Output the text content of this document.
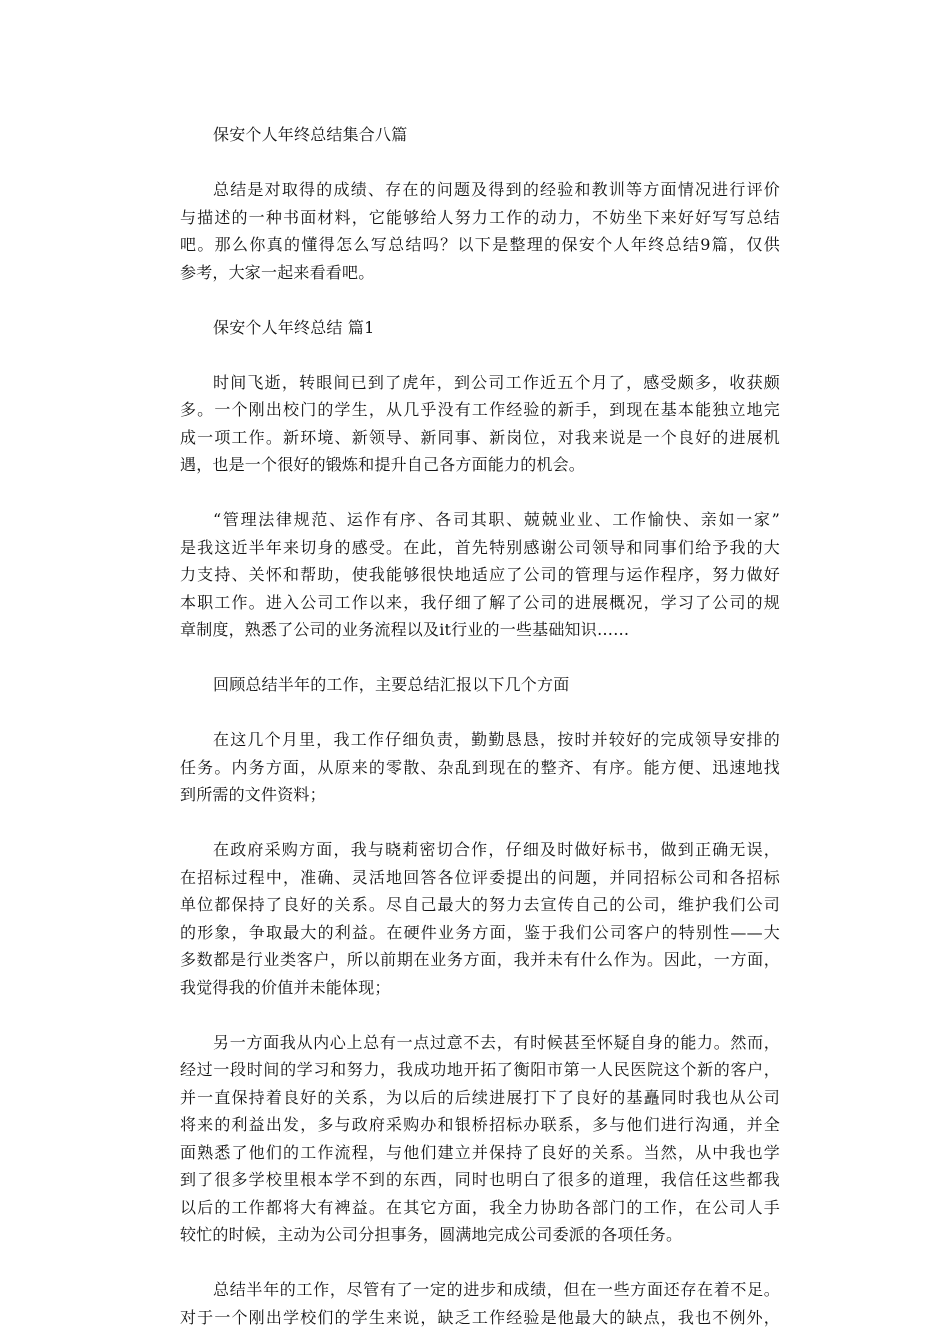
保安个人年终总结集合八篇
总结是对取得的成绩、存在的问题及得到的经验和教训等方面情况进行评价
与描述的一种书面材料，它能够给人努力工作的动力，不妨坐下来好好写写总结
吧。那么你真的懂得怎么写总结吗？以下是整理的保安个人年终总结9篇，仅供
参考，大家一起来看看吧。
保安个人年终总结 篇1
时间飞逝，转眼间已到了虎年，到公司工作近五个月了，感受颇多，收获颇
多。一个刚出校门的学生，从几乎没有工作经验的新手，到现在基本能独立地完
成一项工作。新环境、新领导、新同事、新岗位，对我来说是一个良好的进展机
遇，也是一个很好的锻炼和提升自己各方面能力的机会。
“管理法律规范、运作有序、各司其职、兢兢业业、工作愉快、亲如一家”
是我这近半年来切身的感受。在此，首先特别感谢公司领导和同事们给予我的大
力支持、关怀和帮助，使我能够很快地适应了公司的管理与运作程序，努力做好
本职工作。进入公司工作以来，我仔细了解了公司的进展概况，学习了公司的规
章制度，熟悉了公司的业务流程以及it行业的一些基础知识……
回顾总结半年的工作，主要总结汇报以下几个方面
在这几个月里，我工作仔细负责，勤勤恳恳，按时并较好的完成领导安排的
任务。内务方面，从原来的零散、杂乱到现在的整齐、有序。能方便、迅速地找
到所需的文件资料；
在政府采购方面，我与晓莉密切合作，仔细及时做好标书，做到正确无误，
在招标过程中，准确、灵活地回答各位评委提出的问题，并同招标公司和各招标
单位都保持了良好的关系。尽自己最大的努力去宣传自己的公司，维护我们公司
的形象，争取最大的利益。在硬件业务方面，鉴于我们公司客户的特别性——大
多数都是行业类客户，所以前期在业务方面，我并未有什么作为。因此，一方面，
我觉得我的价值并未能体现；
另一方面我从内心上总有一点过意不去，有时候甚至怀疑自身的能力。然而，
经过一段时间的学习和努力，我成功地开拓了衡阳市第一人民医院这个新的客户，
并一直保持着良好的关系，为以后的后续进展打下了良好的基矗同时我也从公司
将来的利益出发，多与政府采购办和银桥招标办联系，多与他们进行沟通，并全
面熟悉了他们的工作流程，与他们建立并保持了良好的关系。当然，从中我也学
到了很多学校里根本学不到的东西，同时也明白了很多的道理，我信任这些都我
以后的工作都将大有裨益。在其它方面，我全力协助各部门的工作，在公司人手
较忙的时候，主动为公司分担事务，圆满地完成公司委派的各项任务。
总结半年的工作，尽管有了一定的进步和成绩，但在一些方面还存在着不足。
对于一个刚出学校们的学生来说，缺乏工作经验是他最大的缺点，我也不例外，
